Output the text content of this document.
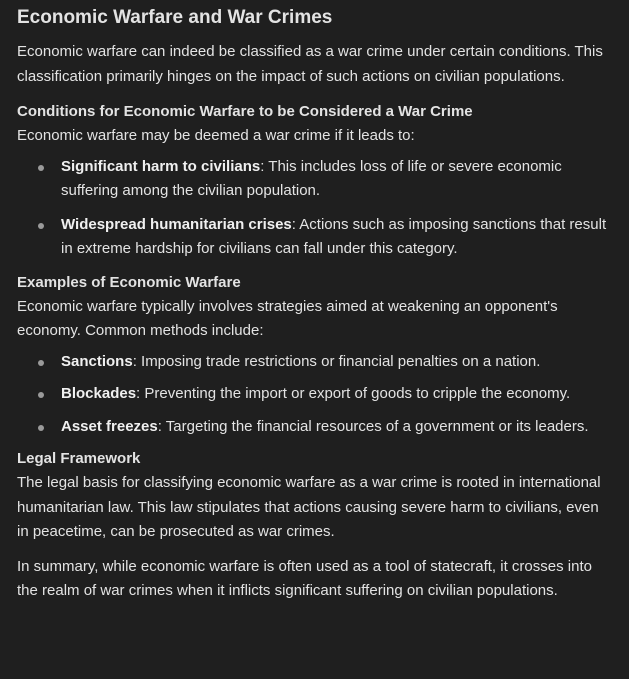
Economic Warfare and War Crimes

Economic warfare can indeed be classified as a war crime under certain conditions. This classification primarily hinges on the impact of such actions on civilian populations.

Conditions for Economic Warfare to be Considered a War Crime

Economic warfare may be deemed a war crime if it leads to:

Significant harm to civilians: This includes loss of life or severe economic suffering among the civilian population.
Widespread humanitarian crises: Actions such as imposing sanctions that result in extreme hardship for civilians can fall under this category.
Examples of Economic Warfare

Economic warfare typically involves strategies aimed at weakening an opponent's economy. Common methods include:

Sanctions: Imposing trade restrictions or financial penalties on a nation.
Blockades: Preventing the import or export of goods to cripple the economy.
Asset freezes: Targeting the financial resources of a government or its leaders.
Legal Framework

The legal basis for classifying economic warfare as a war crime is rooted in international humanitarian law. This law stipulates that actions causing severe harm to civilians, even in peacetime, can be prosecuted as war crimes.

In summary, while economic warfare is often used as a tool of statecraft, it crosses into the realm of war crimes when it inflicts significant suffering on civilian populations.
